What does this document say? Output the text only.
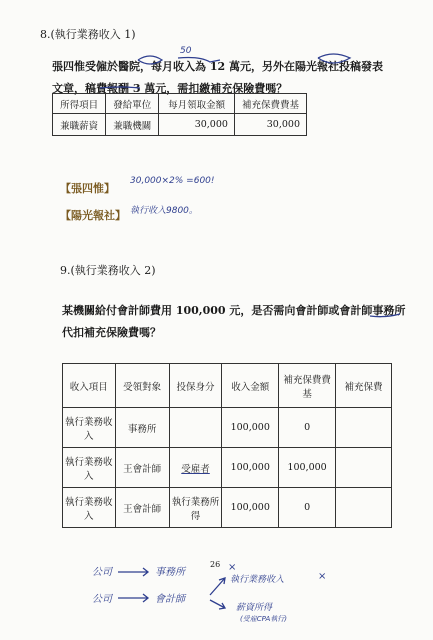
8.(執行業務收入 1)
50
張四惟受僱於醫院，每月收入為 12 萬元，另外在陽光報社投稿發表
文章，稿費報酬 3 萬元，需扣繳補充保險費嗎？
所得項目	發給單位	每月領取金額	補充保費費基
兼職薪資	兼職機關	30,000	30,000
【張四惟】
30,000×2% =600!
【陽光報社】 執行收入9800。
9.(執行業務收入 2)
某機關給付會計師費用 100,000 元，是否需向會計師或會計師事務所
代扣補充保險費嗎？
收入項目	受領對象	投保身分	收入金額	補充保費費基	補充保費
執行業務收入	事務所		100,000	0	
執行業務收入	王會計師	受雇者	100,000	100,000	
執行業務收入	王會計師	執行業務所得	100,000	0	
26
公司	事務所	×
公司	會計師
執行業務收入	×
薪資所得
(受雇CPA執行)
